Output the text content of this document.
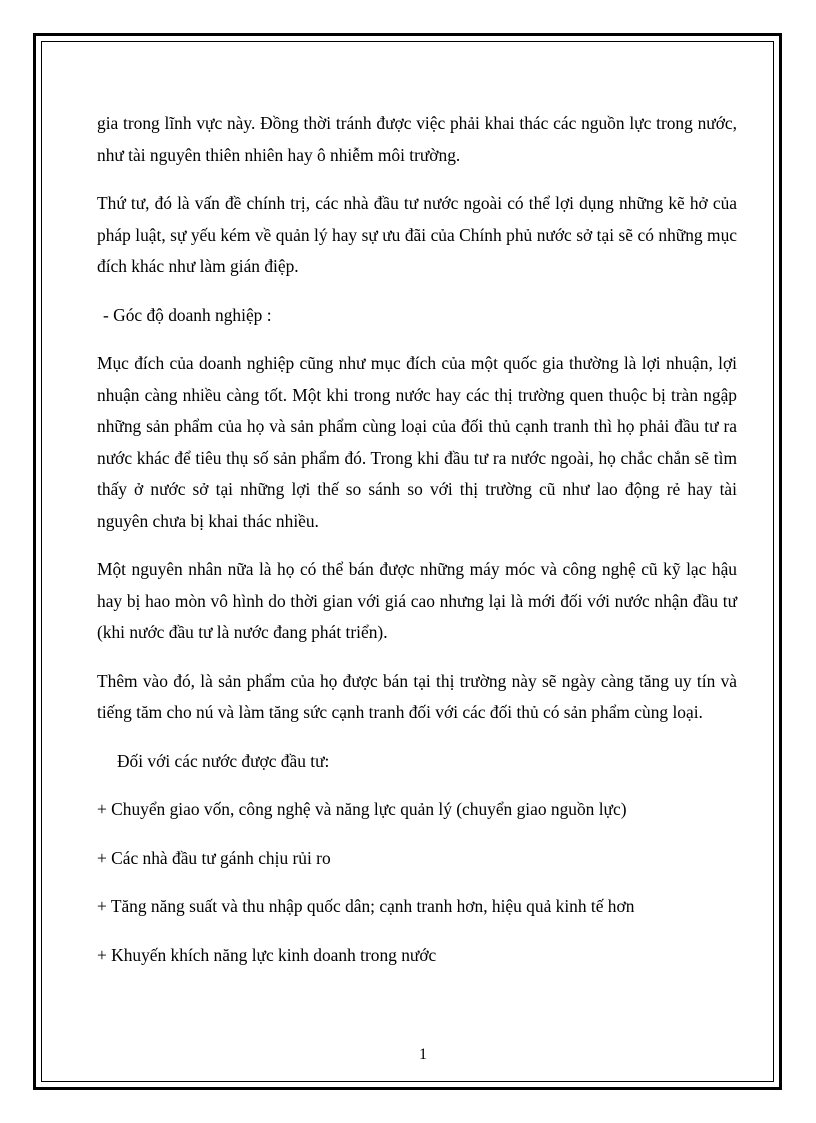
gia trong lĩnh vực này. Đồng thời tránh được việc phải khai thác các nguồn lực trong nước, như tài nguyên thiên nhiên hay ô nhiễm môi trường.

Thứ tư, đó là vấn đề chính trị, các nhà đầu tư nước ngoài có thể lợi dụng những kẽ hở của pháp luật, sự yếu kém về quản lý hay sự ưu đãi của Chính phủ nước sở tại sẽ có những mục đích khác như làm gián điệp.

- Góc độ doanh nghiệp :

Mục đích của doanh nghiệp cũng như mục đích của một quốc gia thường là lợi nhuận, lợi nhuận càng nhiều càng tốt. Một khi trong nước hay các thị trường quen thuộc bị tràn ngập những sản phẩm của họ và sản phẩm cùng loại của đối thủ cạnh tranh thì họ phải đầu tư ra nước khác để tiêu thụ số sản phẩm đó. Trong khi đầu tư ra nước ngoài, họ chắc chắn sẽ tìm thấy ở nước sở tại những lợi thế so sánh so với thị trường cũ như lao động rẻ hay tài nguyên chưa bị khai thác nhiều.

Một nguyên nhân nữa là họ có thể bán được những máy móc và công nghệ cũ kỹ lạc hậu hay bị hao mòn vô hình do thời gian với giá cao nhưng lại là mới đối với nước nhận đầu tư (khi nước đầu tư là nước đang phát triển).

Thêm vào đó, là sản phẩm của họ được bán tại thị trường này sẽ ngày càng tăng uy tín và tiếng tăm cho nú và làm tăng sức cạnh tranh đối với các đối thủ có sản phẩm cùng loại.

Đối với các nước được đầu tư:

+ Chuyển giao vốn, công nghệ và năng lực quản lý (chuyển giao nguồn lực)

+ Các nhà đầu tư gánh chịu rủi ro

+ Tăng năng suất và thu nhập quốc dân; cạnh tranh hơn, hiệu quả kinh tế hơn

+ Khuyến khích năng lực kinh doanh trong nước

1
